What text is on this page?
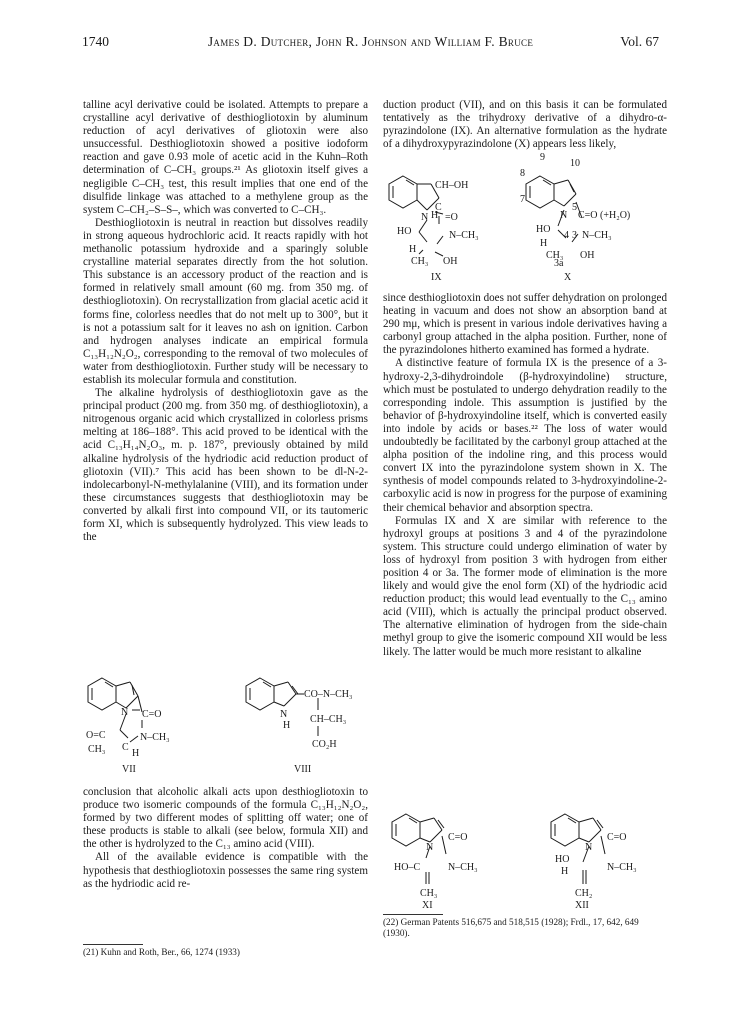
1740	James D. Dutcher, John R. Johnson and William F. Bruce	Vol. 67

talline acyl derivative could be isolated. Attempts to prepare a crystalline acyl derivative of desthiogliotoxin by aluminum reduction of acyl derivatives of gliotoxin were also unsuccessful. Desthiogliotoxin showed a positive iodoform reaction and gave 0.93 mole of acetic acid in the Kuhn–Roth determination of C–CH₃ groups.²¹ As gliotoxin itself gives a negligible C–CH₃ test, this result implies that one end of the disulfide linkage was attached to a methylene group as the system C–CH₂–S–S–, which was converted to C–CH₃.

Desthiogliotoxin is neutral in reaction but dissolves readily in strong aqueous hydrochloric acid. It reacts rapidly with hot methanolic potassium hydroxide and a sparingly soluble crystalline material separates directly from the hot solution. This substance is an accessory product of the reaction and is formed in relatively small amount (60 mg. from 350 mg. of desthiogliotoxin). On recrystallization from glacial acetic acid it forms fine, colorless needles that do not melt up to 300°, but it is not a potassium salt for it leaves no ash on ignition. Carbon and hydrogen analyses indicate an empirical formula C₁₃H₁₂N₂O₂, corresponding to the removal of two molecules of water from desthiogliotoxin. Further study will be necessary to establish its molecular formula and constitution.

The alkaline hydrolysis of desthiogliotoxin gave as the principal product (200 mg. from 350 mg. of desthiogliotoxin), a nitrogenous organic acid which crystallized in colorless prisms melting at 186–188°. This acid proved to be identical with the acid C₁₃H₁₄N₂O₃, m. p. 187°, previously obtained by mild alkaline hydrolysis of the hydriodic acid reduction product of gliotoxin (VII).⁷ This acid has been shown to be dl-N-2-indolecarbonyl-N-methylalanine (VIII), and its formation under these circumstances suggests that desthiogliotoxin may be converted by alkali first into compound VII, or its tautomeric form XI, which is subsequently hydrolyzed. This view leads to the

N C=O
O=C	N–CH₃
CH₃ C
H
VII
CO–N–CH₃
N
H
CH–CH₃
CO₂H
VIII

conclusion that alcoholic alkali acts upon desthiogliotoxin to produce two isomeric compounds of the formula C₁₃H₁₂N₂O₂, formed by two different modes of splitting off water; one of these products is stable to alkali (see below, formula XII) and the other is hydrolyzed to the C₁₃ amino acid (VIII).

All of the available evidence is compatible with the hypothesis that desthiogliotoxin possesses the same ring system as the hydriodic acid re-

(21) Kuhn and Roth, Ber., 66, 1274 (1933)

duction product (VII), and on this basis it can be formulated tentatively as the trihydroxy derivative of a dihydro-α-pyrazindolone (IX). An alternative formulation as the hydrate of a dihydroxypyrazindolone (X) appears less likely,

CH–OH
N H
C
=O
HO	N–CH₃
H
CH₃ OH
IX
9
10
8
7
N
5
C=O (+H₂O)
HO
4 3 N–CH₃
H
CH₃ OH
3a
X

since desthiogliotoxin does not suffer dehydration on prolonged heating in vacuum and does not show an absorption band at 290 mμ, which is present in various indole derivatives having a carbonyl group attached in the alpha position. Further, none of the pyrazindolones hitherto examined has formed a hydrate.

A distinctive feature of formula IX is the presence of a 3-hydroxy-2,3-dihydroindole (β-hydroxyindoline) structure, which must be postulated to undergo dehydration readily to the corresponding indole. This assumption is justified by the behavior of β-hydroxyindoline itself, which is converted easily into indole by acids or bases.²² The loss of water would undoubtedly be facilitated by the carbonyl group attached at the alpha position of the indoline ring, and this process would convert IX into the pyrazindolone system shown in X. The synthesis of model compounds related to 3-hydroxyindoline-2-carboxylic acid is now in progress for the purpose of examining their chemical behavior and absorption spectra.

Formulas IX and X are similar with reference to the hydroxyl groups at positions 3 and 4 of the pyrazindolone system. This structure could undergo elimination of water by loss of hydroxyl from position 3 with hydrogen from either position 4 or 3a. The former mode of elimination is the more likely and would give the enol form (XI) of the hydriodic acid reduction product; this would lead eventually to the C₁₃ amino acid (VIII), which is actually the principal product observed. The alternative elimination of hydrogen from the side-chain methyl group to give the isomeric compound XII would be less likely. The latter would be much more resistant to alkaline

N
C=O
HO–C	N–CH₃
CH₃
XI
N
C=O
HO
H	N–CH₃
CH₂
XII
(22) German Patents 516,675 and 518,515 (1928); Frdl., 17, 642, 649 (1930).
